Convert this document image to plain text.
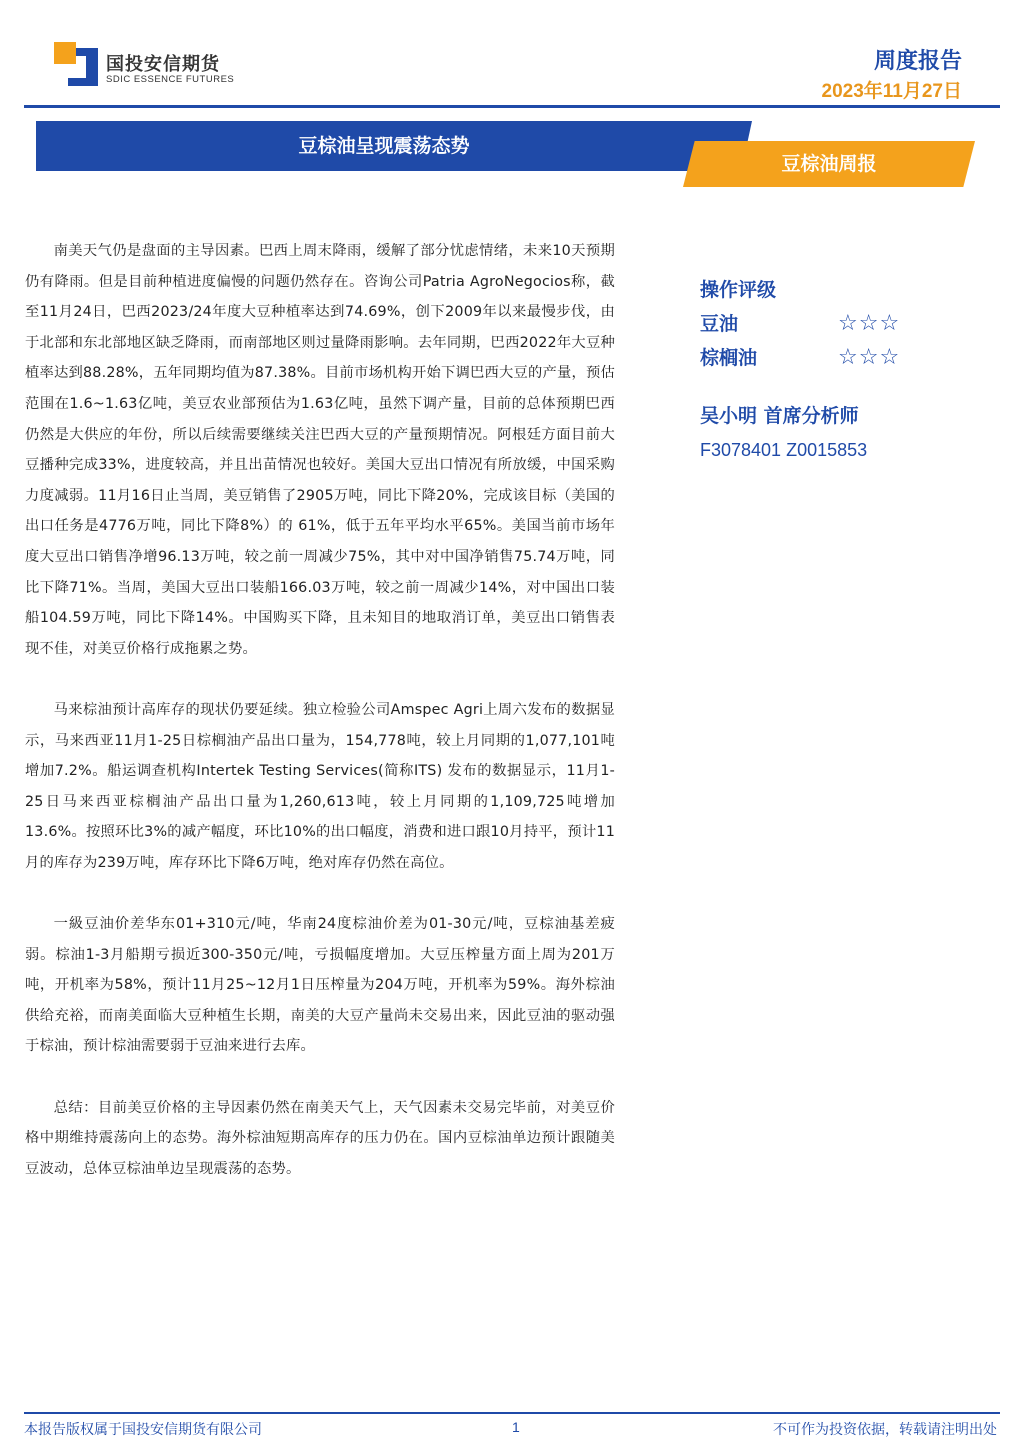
国投安信期货
SDIC ESSENCE FUTURES
周度报告
2023年11月27日
豆棕油呈现震荡态势
豆棕油周报

南美天气仍是盘面的主导因素。巴西上周末降雨，缓解了部分忧虑情绪，未来10天预期仍有降雨。但是目前种植进度偏慢的问题仍然存在。咨询公司Patria AgroNegocios称，截至11月24日，巴西2023/24年度大豆种植率达到74.69%，创下2009年以来最慢步伐，由于北部和东北部地区缺乏降雨，而南部地区则过量降雨影响。去年同期，巴西2022年大豆种植率达到88.28%，五年同期均值为87.38%。目前市场机构开始下调巴西大豆的产量，预估范围在1.6~1.63亿吨，美豆农业部预估为1.63亿吨，虽然下调产量，目前的总体预期巴西仍然是大供应的年份，所以后续需要继续关注巴西大豆的产量预期情况。阿根廷方面目前大豆播种完成33%，进度较高，并且出苗情况也较好。美国大豆出口情况有所放缓，中国采购力度减弱。11月16日止当周，美豆销售了2905万吨，同比下降20%，完成该目标（美国的出口任务是4776万吨，同比下降8%）的 61%，低于五年平均水平65%。美国当前市场年度大豆出口销售净增96.13万吨，较之前一周减少75%，其中对中国净销售75.74万吨，同比下降71%。当周，美国大豆出口装船166.03万吨，较之前一周减少14%，对中国出口装船104.59万吨，同比下降14%。中国购买下降，且未知目的地取消订单，美豆出口销售表现不佳，对美豆价格行成拖累之势。

马来棕油预计高库存的现状仍要延续。独立检验公司Amspec Agri上周六发布的数据显示，马来西亚11月1-25日棕榈油产品出口量为，154,778吨，较上月同期的1,077,101吨增加7.2%。船运调查机构Intertek Testing Services(简称ITS) 发布的数据显示，11月1-25日马来西亚棕榈油产品出口量为1,260,613吨，较上月同期的1,109,725吨增加13.6%。按照环比3%的减产幅度，环比10%的出口幅度，消费和进口跟10月持平，预计11月的库存为239万吨，库存环比下降6万吨，绝对库存仍然在高位。

一級豆油价差华东01+310元/吨，华南24度棕油价差为01-30元/吨，豆棕油基差疲弱。棕油1-3月船期亏损近300-350元/吨，亏损幅度增加。大豆压榨量方面上周为201万吨，开机率为58%，预计11月25~12月1日压榨量为204万吨，开机率为59%。海外棕油供给充裕，而南美面临大豆种植生长期，南美的大豆产量尚未交易出来，因此豆油的驱动强于棕油，预计棕油需要弱于豆油来进行去库。

总结：目前美豆价格的主导因素仍然在南美天气上，天气因素未交易完毕前，对美豆价格中期维持震荡向上的态势。海外棕油短期高库存的压力仍在。国内豆棕油单边预计跟随美豆波动，总体豆棕油单边呈现震荡的态势。

操作评级
豆油	☆☆☆
棕榈油	☆☆☆
吴小明 首席分析师
F3078401 Z0015853
本报告版权属于国投安信期货有限公司	1	不可作为投资依据，转载请注明出处
